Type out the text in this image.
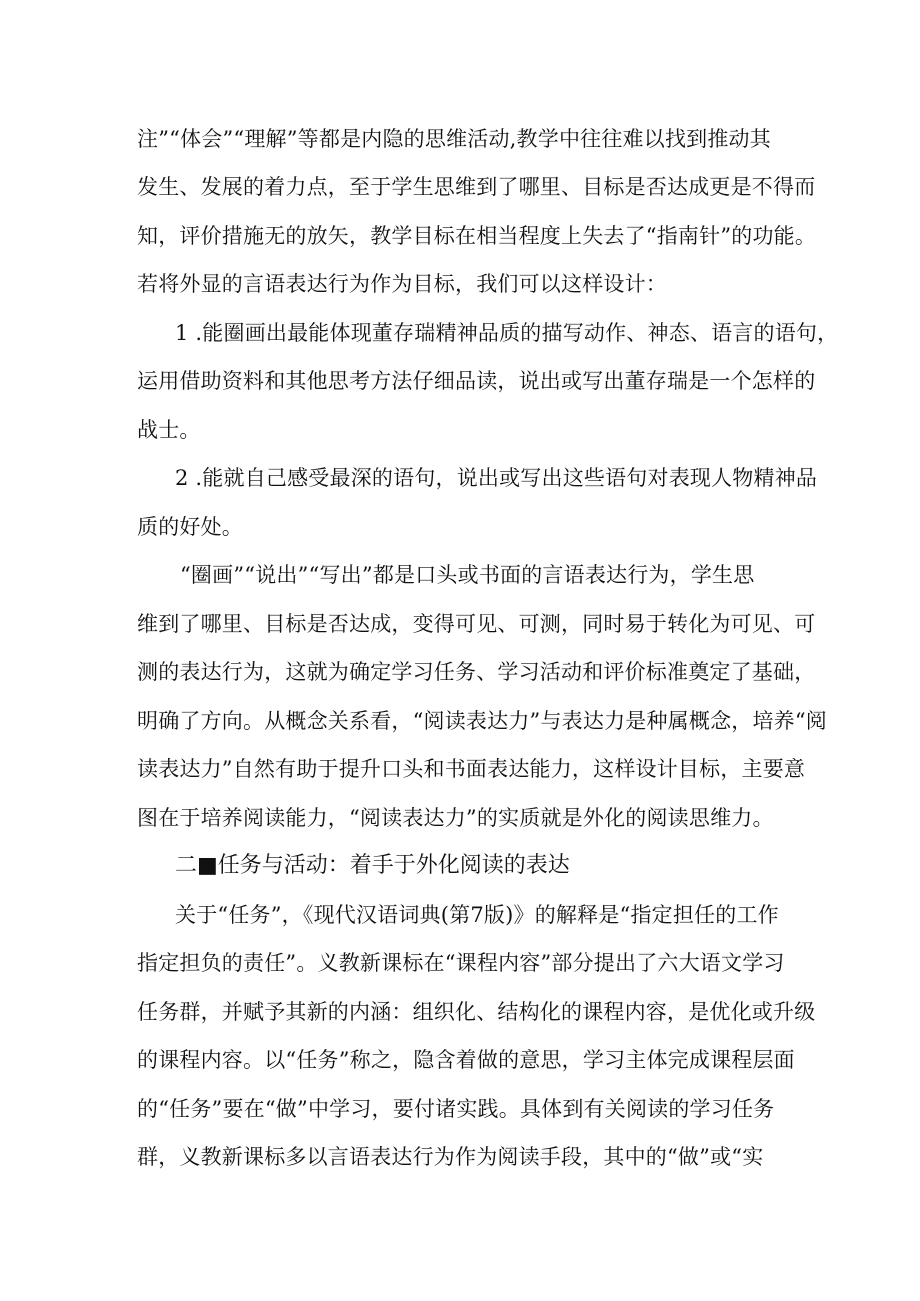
注”“体会”“理解”等都是内隐的思维活动,教学中往往难以找到推动其
发生、发展的着力点，至于学生思维到了哪里、目标是否达成更是不得而
知，评价措施无的放矢，教学目标在相当程度上失去了“指南针”的功能。
若将外显的言语表达行为作为目标，我们可以这样设计：
1 .能圈画出最能体现董存瑞精神品质的描写动作、神态、语言的语句，
运用借助资料和其他思考方法仔细品读，说出或写出董存瑞是一个怎样的
战士。
2 .能就自己感受最深的语句，说出或写出这些语句对表现人物精神品
质的好处。
“圈画”“说出”“写出”都是口头或书面的言语表达行为，学生思
维到了哪里、目标是否达成，变得可见、可测，同时易于转化为可见、可
测的表达行为，这就为确定学习任务、学习活动和评价标准奠定了基础，
明确了方向。从概念关系看，“阅读表达力”与表达力是种属概念，培养“阅
读表达力”自然有助于提升口头和书面表达能力，这样设计目标，主要意
图在于培养阅读能力，“阅读表达力”的实质就是外化的阅读思维力。
二■任务与活动：着手于外化阅读的表达
关于“任务”，《现代汉语词典(第7版)》的解释是“指定担任的工作
指定担负的责任”。义教新课标在“课程内容”部分提出了六大语文学习
任务群，并赋予其新的内涵：组织化、结构化的课程内容，是优化或升级
的课程内容。以“任务”称之，隐含着做的意思，学习主体完成课程层面
的“任务”要在“做”中学习，要付诸实践。具体到有关阅读的学习任务
群，义教新课标多以言语表达行为作为阅读手段，其中的“做”或“实
